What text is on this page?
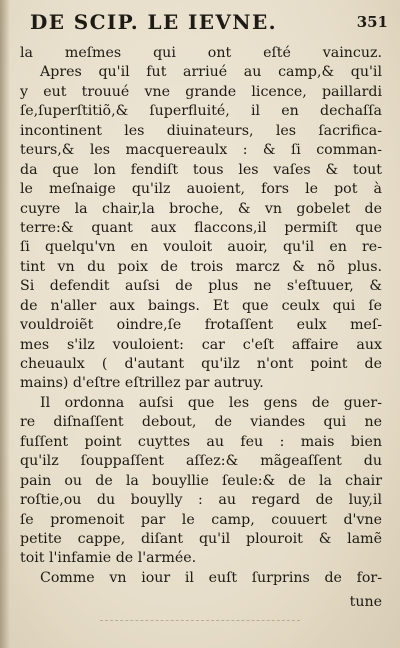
DE SCIP. LE IEVNE.	351
la meſmes qui ont eſté vaincuz.
Apres qu'il fut arriué au camp,& qu'il
y eut trouué vne grande licence, paillardi
ſe,ſuperſtitiõ,& ſuperfluité, il en dechaſſa
incontinent les diuinateurs, les ſacrifica-
teurs,& les macquereaulx : & ſi comman-
da que lon fendiſt tous les vaſes & tout
le meſnaige qu'ilz auoient, fors le pot à
cuyre la chair,la broche, & vn gobelet de
terre:& quant aux flaccons,il permiſt que
ſi quelqu'vn en vouloit auoir, qu'il en re-
tint vn du poix de trois marcz & nõ plus.
Si defendit auſsi de plus ne s'eſtuuer, &
de n'aller aux baings. Et que ceulx qui ſe
vouldroiẽt oindre,ſe frotaſſent eulx meſ-
mes s'ilz vouloient: car c'eſt affaire aux
cheuaulx ( d'autant qu'ilz n'ont point de
mains) d'eſtre eſtrillez par autruy.
Il ordonna auſsi que les gens de guer-
re diſnaſſent debout, de viandes qui ne
fuſſent point cuyttes au feu : mais bien
qu'ilz ſouppaſſent aſſez:& mãgeaſſent du
pain ou de la bouyllie ſeule:& de la chair
roſtie,ou du bouylly : au regard de luy,il
ſe promenoit par le camp, couuert d'vne
petite cappe, diſant qu'il plouroit & lamẽ
toit l'infamie de l'armée.
Comme vn iour il euſt ſurprins de for-
tune
